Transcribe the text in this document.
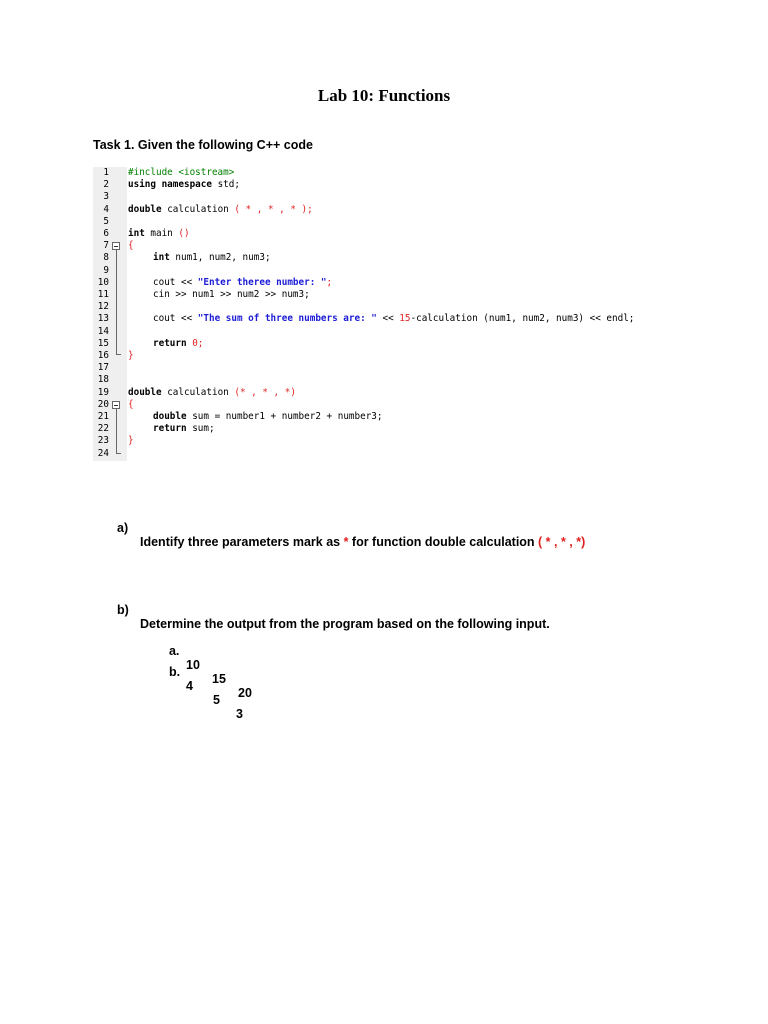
Lab 10: Functions
Task 1. Given the following C++ code
1
2
3
4
5
6
7
8
9
10
11
12
13
14
15
16
17
18
19
20
21
22
23
24
#include <iostream>
using namespace std;
double calculation ( * , * , * );
int main ()
{
int num1, num2, num3;
cout << "Enter theree number: ";
cin >> num1 >> num2 >> num3;
cout << "The sum of three numbers are: " << 15-calculation (num1, num2, num3) << endl;
return 0;
}
double calculation (* , * , *)
{
double sum = number1 + number2 + number3;
return sum;
}

a)

Identify three parameters mark as * for function double calculation ( * , * , *)

b)

Determine the output from the program based on the following input.

a.

10

15

20

b.

4

5

3
